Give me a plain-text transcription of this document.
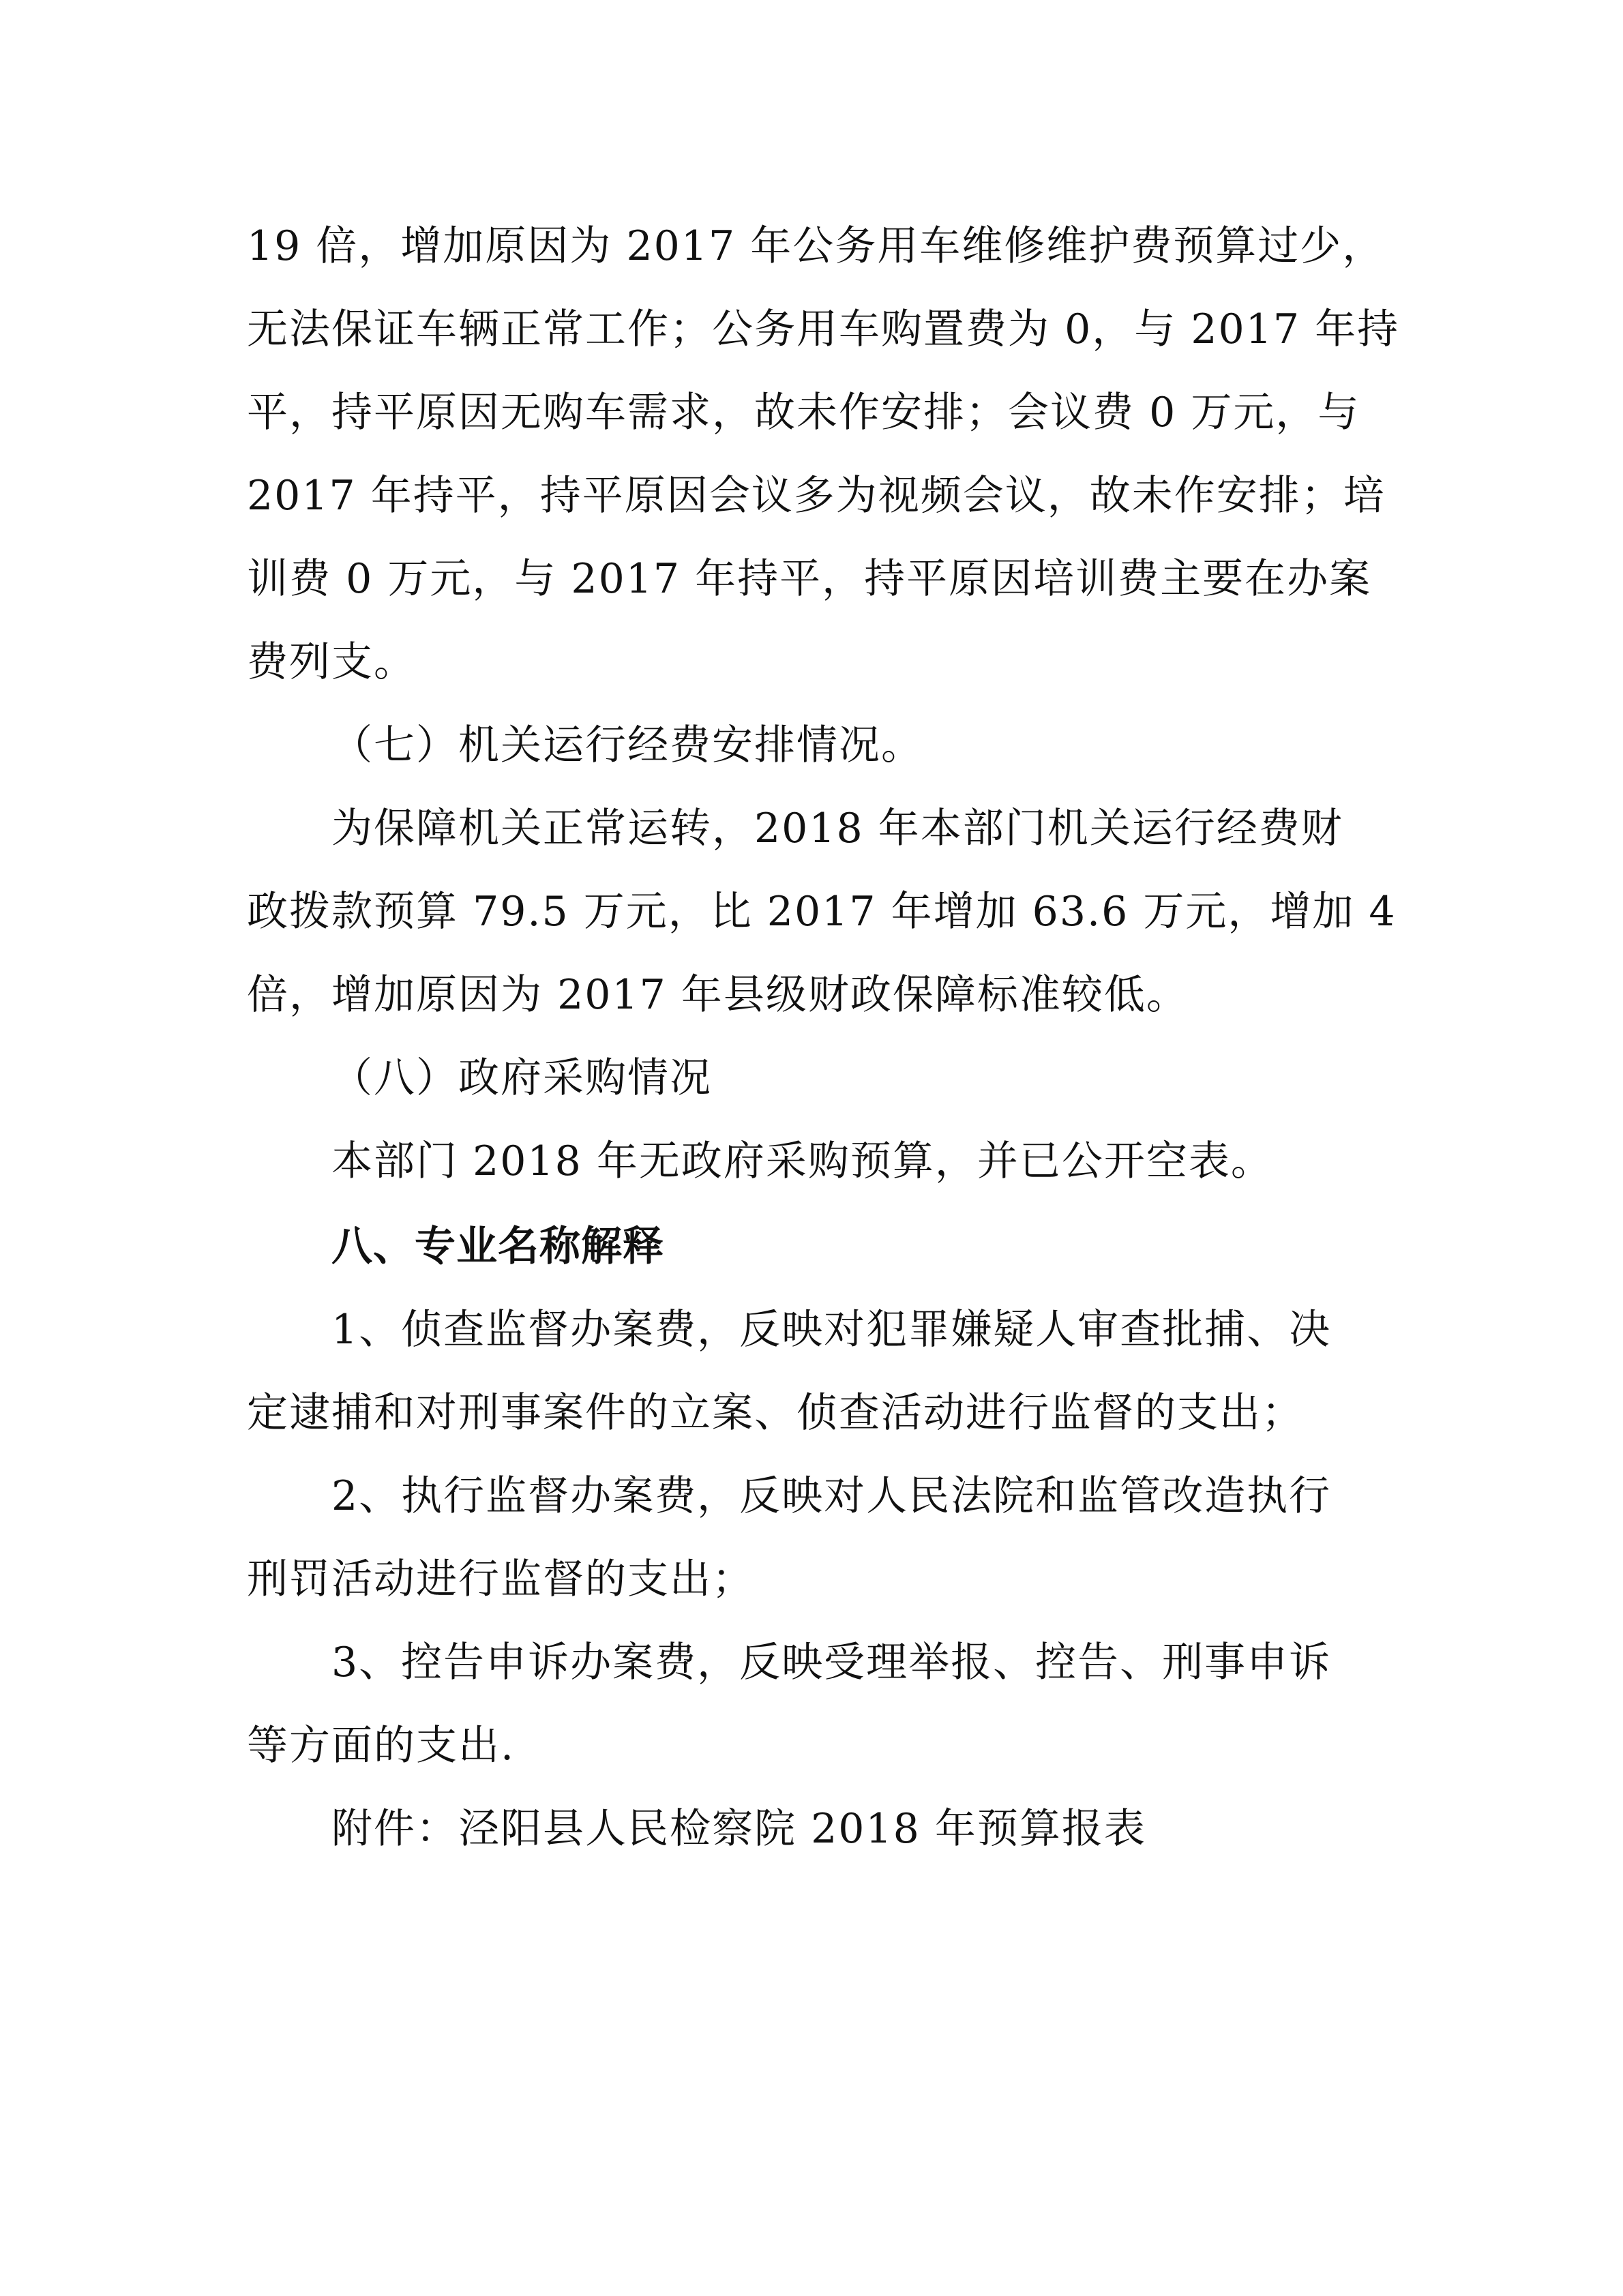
19 倍，增加原因为 2017 年公务用车维修维护费预算过少，
无法保证车辆正常工作；公务用车购置费为 0，与 2017 年持
平，持平原因无购车需求，故未作安排；会议费 0 万元，与
2017 年持平，持平原因会议多为视频会议，故未作安排；培
训费 0 万元，与 2017 年持平，持平原因培训费主要在办案
费列支。
（七）机关运行经费安排情况。
为保障机关正常运转，2018 年本部门机关运行经费财
政拨款预算 79.5 万元，比 2017 年增加 63.6 万元，增加 4
倍，增加原因为 2017 年县级财政保障标准较低。
（八）政府采购情况
本部门 2018 年无政府采购预算，并已公开空表。
八、专业名称解释
1、侦查监督办案费，反映对犯罪嫌疑人审查批捕、决
定逮捕和对刑事案件的立案、侦查活动进行监督的支出；
2、执行监督办案费，反映对人民法院和监管改造执行
刑罚活动进行监督的支出；
3、控告申诉办案费，反映受理举报、控告、刑事申诉
等方面的支出.
附件：泾阳县人民检察院 2018 年预算报表
